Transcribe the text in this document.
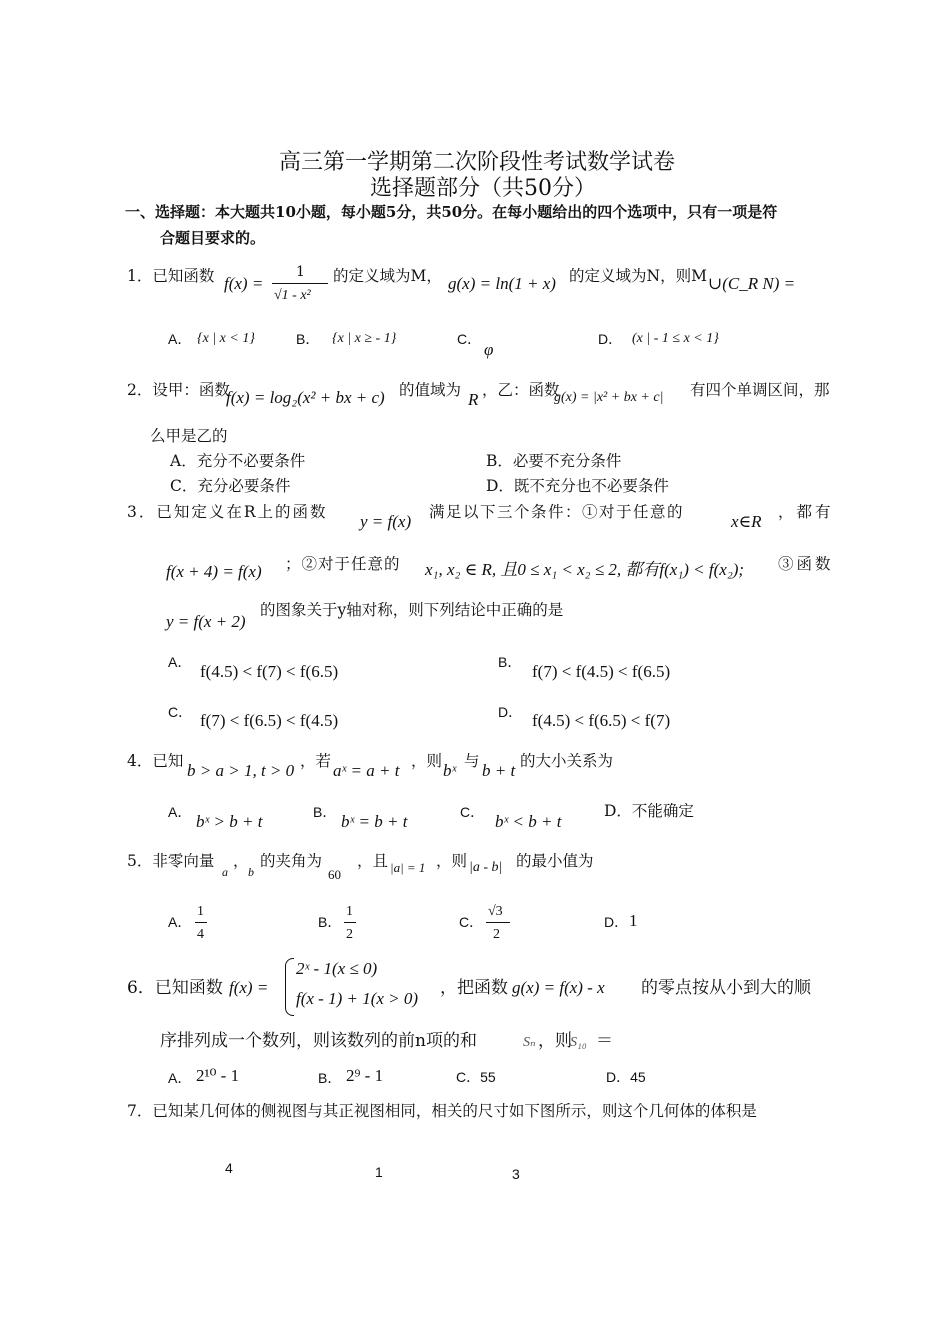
高三第一学期第二次阶段性考试数学试卷
选择题部分（共50分）
一、选择题：本大题共10小题，每小题5分，共50分。在每小题给出的四个选项中，只有一项是符
合题目要求的。
1．已知函数 f(x) =
1
√1 - x²
的定义域为M， g(x) = ln(1 + x) 的定义域为N，则M ∪(C_R N) =
A． {x | x < 1}	B． {x | x ≥ - 1}	C．
φ
D． (x | - 1 ≤ x < 1}
2．设甲：函数
f(x) = log₂(x² + bx + c) 的值域为 R ，乙：函数
g(x) = |x² + bx + c| 有四个单调区间，那
么甲是乙的
A．充分不必要条件	B．必要不充分条件
C．充分必要条件	D．既不充分也不必要条件
3．已知定义在R上的函数 y = f(x) 满足以下三个条件：①对于任意的	x∈R ，都有
f(x + 4) = f(x) ；②对于任意的 x₁, x₂ ∈ R, 且0 ≤ x₁ < x₂ ≤ 2, 都有f(x₁) < f(x₂); ③函数
y = f(x + 2)
的图象关于y轴对称，则下列结论中正确的是
A． f(4.5) < f(7) < f(6.5)	B． f(7) < f(4.5) < f(6.5)
C． f(7) < f(6.5) < f(4.5)	D． f(4.5) < f(6.5) < f(7)
4．已知 b > a > 1, t > 0 ，若 aˣ = a + t ，则 bˣ 与 b + t 的大小关系为
A． bˣ > b + t	B． bˣ = b + t	C． bˣ < b + t
D．不能确定
5．非零向量
a
，
b
的夹角为
60
，且 |a| = 1 ，则 |a - b| 的最小值为
A．
1
4
B．
1
2
C．
√3
2
D． 1
6．已知函数 f(x) =
2ˣ - 1(x ≤ 0)
f(x - 1) + 1(x > 0)
，把函数 g(x) = f(x) - x 的零点按从小到大的顺
序排列成一个数列，则该数列的前n项的和	Sₙ ，则
S₁₀ ＝
A． 2¹⁰ - 1	B． 2⁹ - 1	C．55	D．45
7．已知某几何体的侧视图与其正视图相同，相关的尺寸如下图所示，则这个几何体的体积是
4	1	3
